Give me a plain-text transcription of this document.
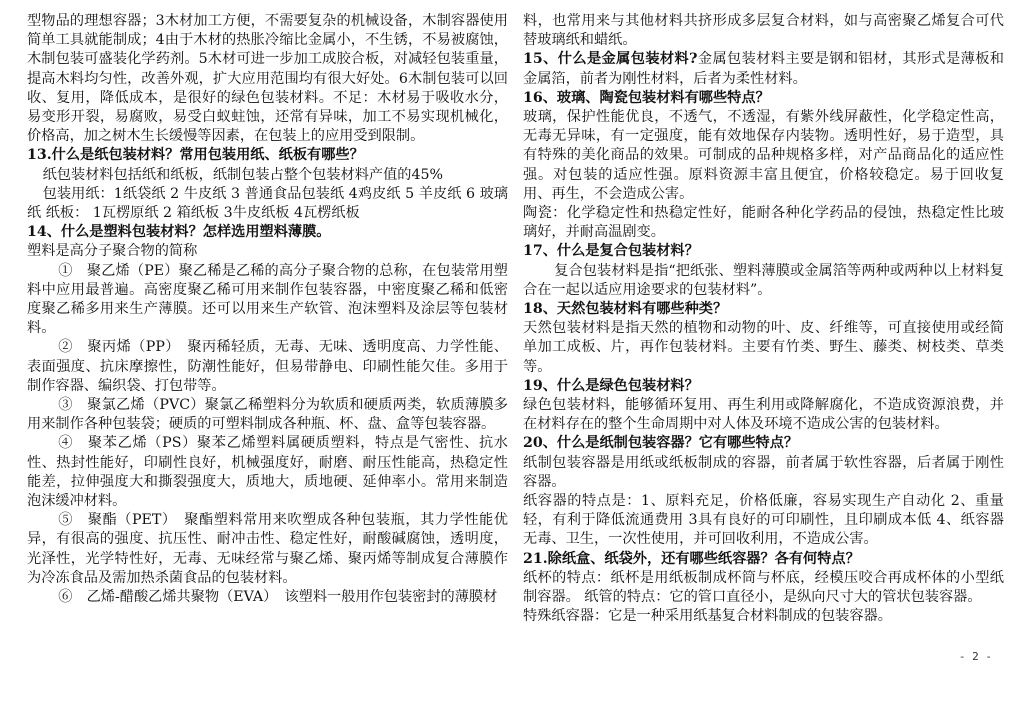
型物品的理想容器；3木材加工方便，不需要复杂的机械设备，木制容器使用简单工具就能制成；4由于木材的热胀冷缩比金属小，不生锈，不易被腐蚀，木制包装可盛装化学药剂。5木材可进一步加工成胶合板，对减轻包装重量，提高木料均匀性，改善外观，扩大应用范围均有很大好处。6木制包装可以回收、复用，降低成本，是很好的绿色包装材料。不足：木材易于吸收水分，易变形开裂，易腐败，易受白蚁蛀蚀，还常有异味，加工不易实现机械化，价格高，加之树木生长缓慢等因素，在包装上的应用受到限制。

13.什么是纸包装材料？常用包装用纸、纸板有哪些？

纸包装材料包括纸和纸板，纸制包装占整个包装材料产值的45%

包装用纸：1纸袋纸 2 牛皮纸 3 普通食品包装纸 4鸡皮纸 5 羊皮纸 6 玻璃纸 纸板： 1瓦楞原纸 2 箱纸板 3牛皮纸板 4瓦楞纸板

14、什么是塑料包装材料？怎样选用塑料薄膜。

塑料是高分子聚合物的简称

①　聚乙烯（PE）聚乙稀是乙稀的高分子聚合物的总称，在包装常用塑料中应用最普遍。高密度聚乙稀可用来制作包装容器，中密度聚乙稀和低密度聚乙稀多用来生产薄膜。还可以用来生产软管、泡沫塑料及涂层等包装材料。

②　聚丙烯（PP）　聚丙稀轻质，无毒、无味、透明度高、力学性能、表面强度、抗床摩擦性，防潮性能好，但易带静电、印刷性能欠佳。多用于制作容器、编织袋、打包带等。

③　聚氯乙烯（PVC）聚氯乙稀塑料分为软质和硬质两类，软质薄膜多用来制作各种包装袋；硬质的可塑料制成各种瓶、杯、盘、盒等包装容器。

④　聚苯乙烯（PS）聚苯乙烯塑料属硬质塑料，特点是气密性、抗水性、热封性能好，印刷性良好，机械强度好，耐磨、耐压性能高，热稳定性能差，拉伸强度大和撕裂强度大，质地大，质地硬、延伸率小。常用来制造泡沫缓冲材料。

⑤　聚酯（PET）　聚酯塑料常用来吹塑成各种包装瓶，其力学性能优异，有很高的强度、抗压性、耐冲击性、稳定性好，耐酸碱腐蚀，透明度，光泽性，光学特性好，无毒、无味经常与聚乙烯、聚丙烯等制成复合薄膜作为冷冻食品及需加热杀菌食品的包装材料。

⑥　乙烯-醋酸乙烯共聚物（EVA）　该塑料一般用作包装密封的薄膜材

料，也常用来与其他材料共挤形成多层复合材料，如与高密聚乙烯复合可代替玻璃纸和蜡纸。

15、什么是金属包装材料?金属包装材料主要是钢和铝材，其形式是薄板和金属箔，前者为刚性材料，后者为柔性材料。

16、玻璃、陶瓷包装材料有哪些特点？

玻璃，保护性能优良，不透气，不透湿，有紫外线屏蔽性，化学稳定性高，无毒无异味，有一定强度，能有效地保存内装物。透明性好，易于造型，具有特殊的美化商品的效果。可制成的品种规格多样，对产品商品化的适应性强。对包装的适应性强。原料资源丰富且便宜，价格较稳定。易于回收复用、再生，不会造成公害。

陶瓷：化学稳定性和热稳定性好，能耐各种化学药品的侵蚀，热稳定性比玻璃好，并耐高温剧变。

17、什么是复合包装材料？

复合包装材料是指“把纸张、塑料薄膜或金属箔等两种或两种以上材料复合在一起以适应用途要求的包装材料”。

18、天然包装材料有哪些种类？

天然包装材料是指天然的植物和动物的叶、皮、纤维等，可直接使用或经简单加工成板、片，再作包装材料。主要有竹类、野生、藤类、树枝类、草类等。

19、什么是绿色包装材料？

绿色包装材料，能够循环复用、再生利用或降解腐化，不造成资源浪费，并在材料存在的整个生命周期中对人体及环境不造成公害的包装材料。

20、什么是纸制包装容器？它有哪些特点？

纸制包装容器是用纸或纸板制成的容器，前者属于软性容器，后者属于刚性容器。

纸容器的特点是：1、原料充足，价格低廉，容易实现生产自动化 2、重量轻，有利于降低流通费用 3具有良好的可印刷性，且印刷成本低 4、纸容器无毒、卫生，一次性使用，并可回收利用，不造成公害。

21.除纸盒、纸袋外，还有哪些纸容器？各有何特点？

纸杯的特点：纸杯是用纸板制成杯筒与杯底，经模压咬合再成杯体的小型纸制容器。 纸管的特点：它的管口直径小，是纵向尺寸大的管状包装容器。

特殊纸容器：它是一种采用纸基复合材料制成的包装容器。

- 2 -
